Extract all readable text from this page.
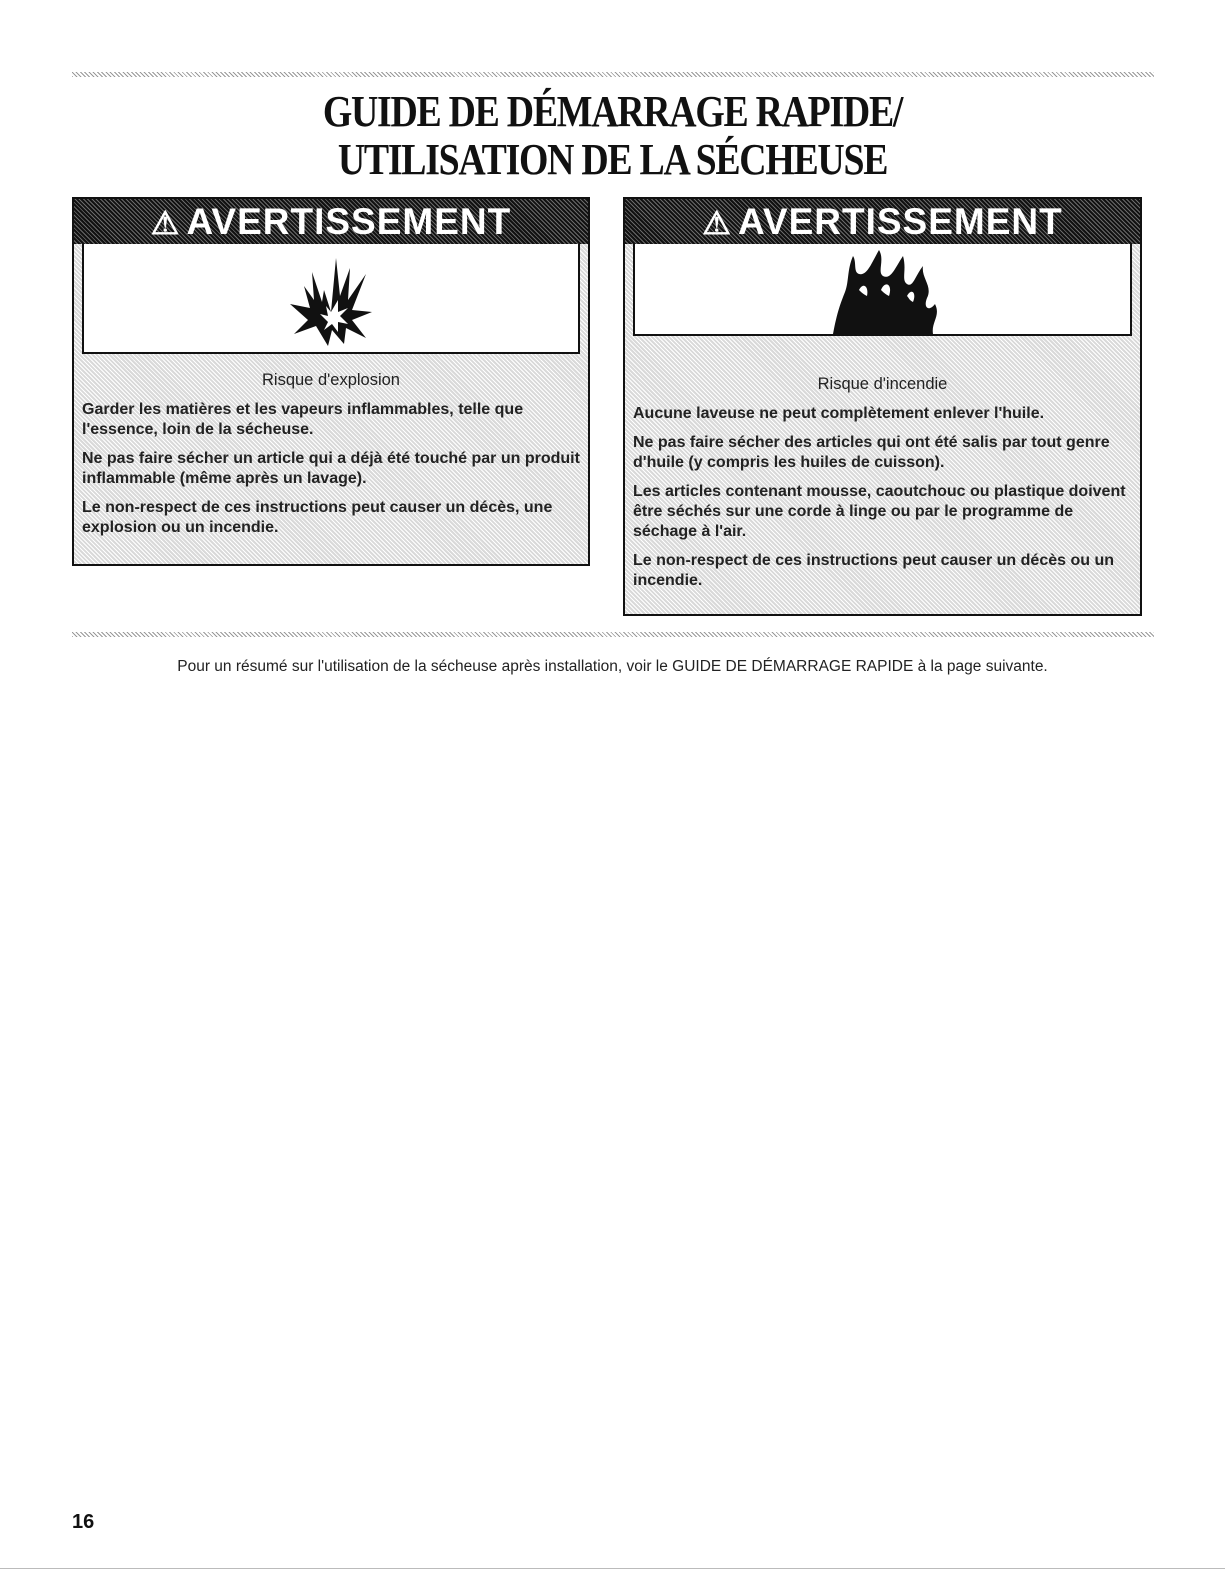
GUIDE DE DÉMARRAGE RAPIDE/
UTILISATION DE LA SÉCHEUSE
⚠ AVERTISSEMENT
Risque d'explosion

Garder les matières et les vapeurs inflammables, telle que l'essence, loin de la sécheuse.

Ne pas faire sécher un article qui a déjà été touché par un produit inflammable (même après un lavage).

Le non-respect de ces instructions peut causer un décès, une explosion ou un incendie.

⚠ AVERTISSEMENT
Risque d'incendie

Aucune laveuse ne peut complètement enlever l'huile.

Ne pas faire sécher des articles qui ont été salis par tout genre d'huile (y compris les huiles de cuisson).

Les articles contenant mousse, caoutchouc ou plastique doivent être séchés sur une corde à linge ou par le programme de séchage à l'air.

Le non-respect de ces instructions peut causer un décès ou un incendie.

Pour un résumé sur l'utilisation de la sécheuse après installation, voir le GUIDE DE DÉMARRAGE RAPIDE à la page suivante.
16
